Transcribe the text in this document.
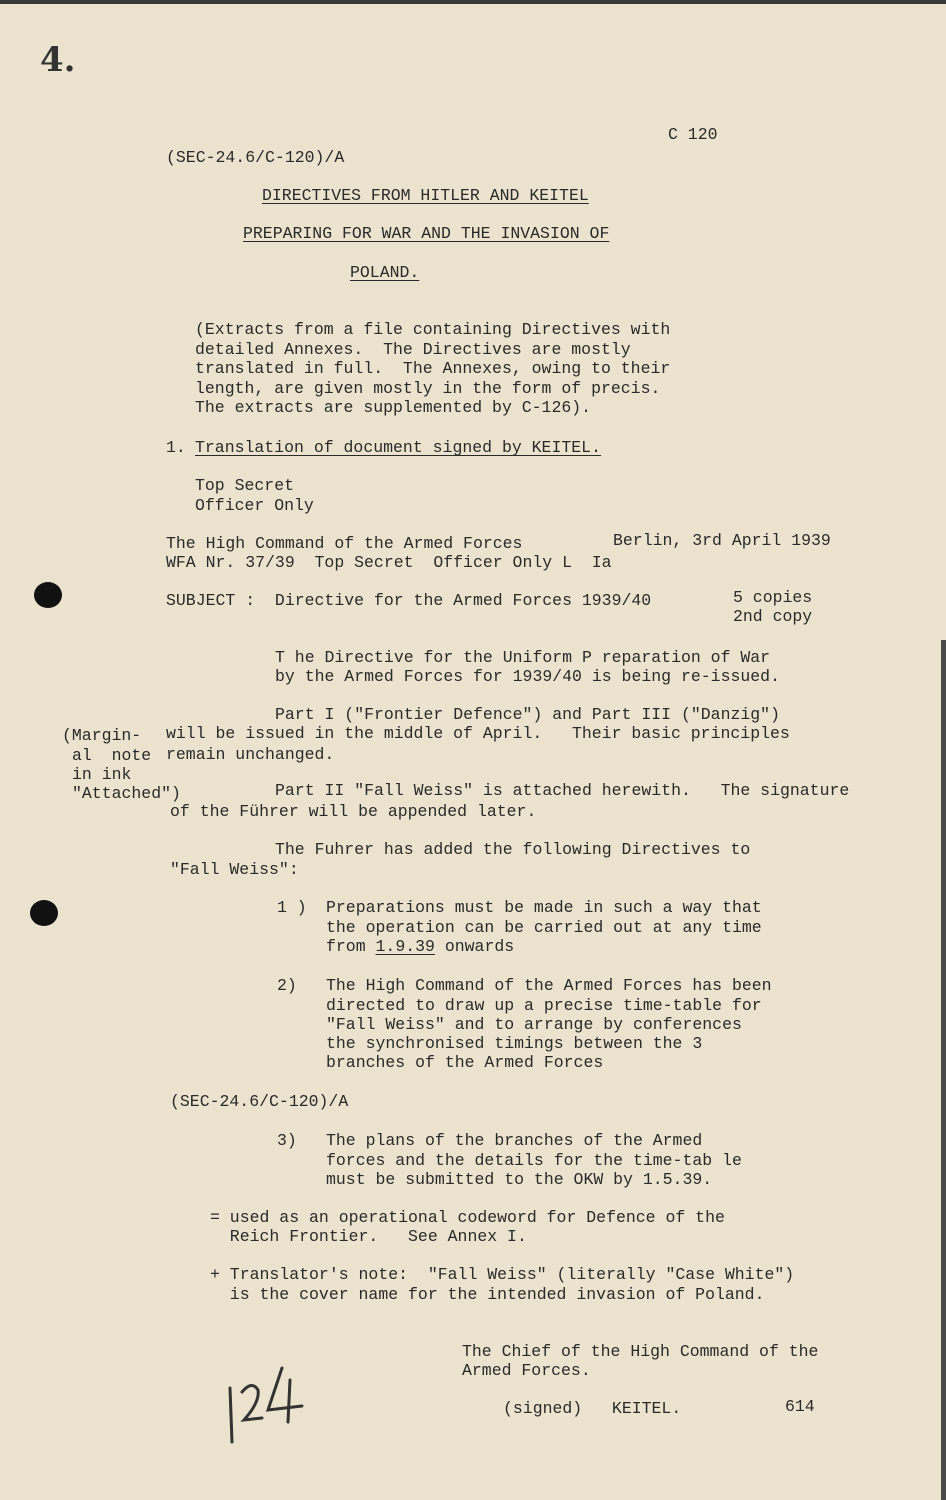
4.
C 120
(SEC-24.6/C-120)/A
DIRECTIVES FROM HITLER AND KEITEL
PREPARING FOR WAR AND THE INVASION OF
POLAND.
(Extracts from a file containing Directives with
detailed Annexes.  The Directives are mostly
translated in full.  The Annexes, owing to their
length, are given mostly in the form of precis.
The extracts are supplemented by C-126).
1. Translation of document signed by KEITEL.
Top Secret
Officer Only
The High Command of the Armed Forces	Berlin, 3rd April 1939
WFA Nr. 37/39  Top Secret  Officer Only L  Ia
SUBJECT :  Directive for the Armed Forces 1939/40	5 copies
2nd copy
T he Directive for the Uniform P reparation of War
by the Armed Forces for 1939/40 is being re-issued.
Part I ("Frontier Defence") and Part III ("Danzig")
will be issued in the middle of April.   Their basic principles
remain unchanged.
(Margin-
al  note
in ink
"Attached")	Part II "Fall Weiss" is attached herewith.   The signature
of the Führer will be appended later.
The Fuhrer has added the following Directives to
"Fall Weiss":
1 ) Preparations must be made in such a way that
the operation can be carried out at any time
from 1.9.39 onwards
2) The High Command of the Armed Forces has been
directed to draw up a precise time-table for
"Fall Weiss" and to arrange by conferences
the synchronised timings between the 3
branches of the Armed Forces
(SEC-24.6/C-120)/A
3) The plans of the branches of the Armed
forces and the details for the time-tab le
must be submitted to the OKW by 1.5.39.
= used as an operational codeword for Defence of the
Reich Frontier.   See Annex I.
+ Translator's note:  "Fall Weiss" (literally "Case White")
is the cover name for the intended invasion of Poland.
The Chief of the High Command of the
Armed Forces.
(signed)   KEITEL.	614
124
